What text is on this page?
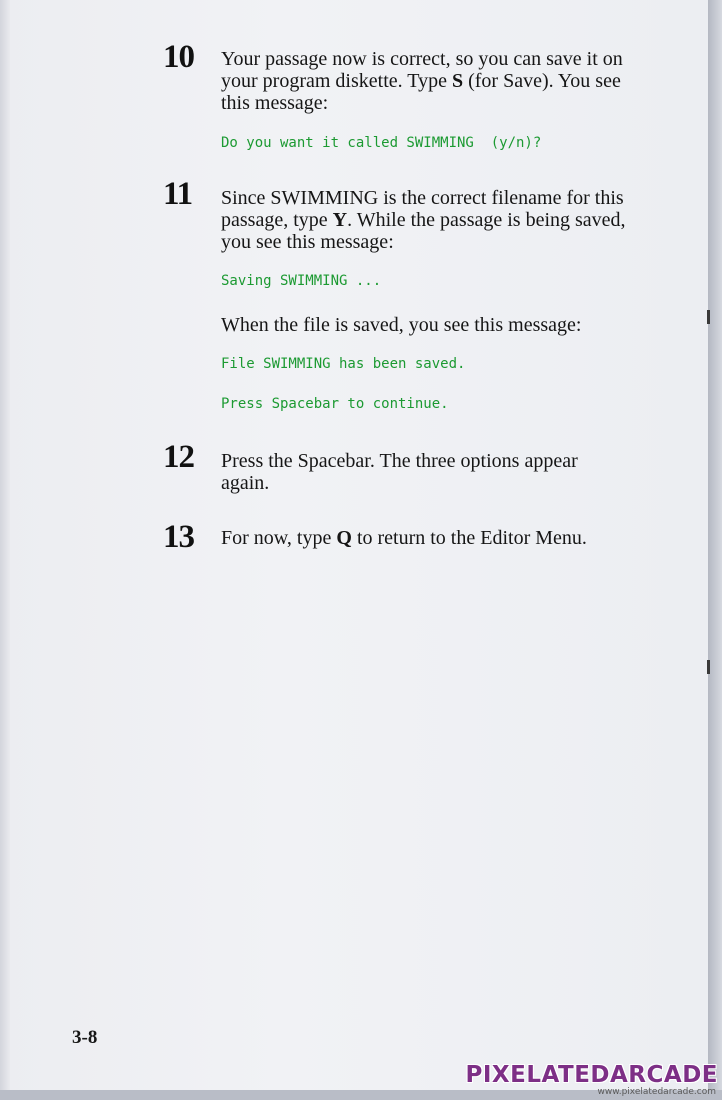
10 Your passage now is correct, so you can save it on your program diskette. Type S (for Save). You see this message:
Do you want it called SWIMMING  (y/n)?
11 Since SWIMMING is the correct filename for this passage, type Y. While the passage is being saved, you see this message:
Saving SWIMMING ...
When the file is saved, you see this message:
File SWIMMING has been saved.
Press Spacebar to continue.
12 Press the Spacebar. The three options appear again.
13 For now, type Q to return to the Editor Menu.
3-8
PIXELATEDARCADE
www.pixelatedarcade.com
